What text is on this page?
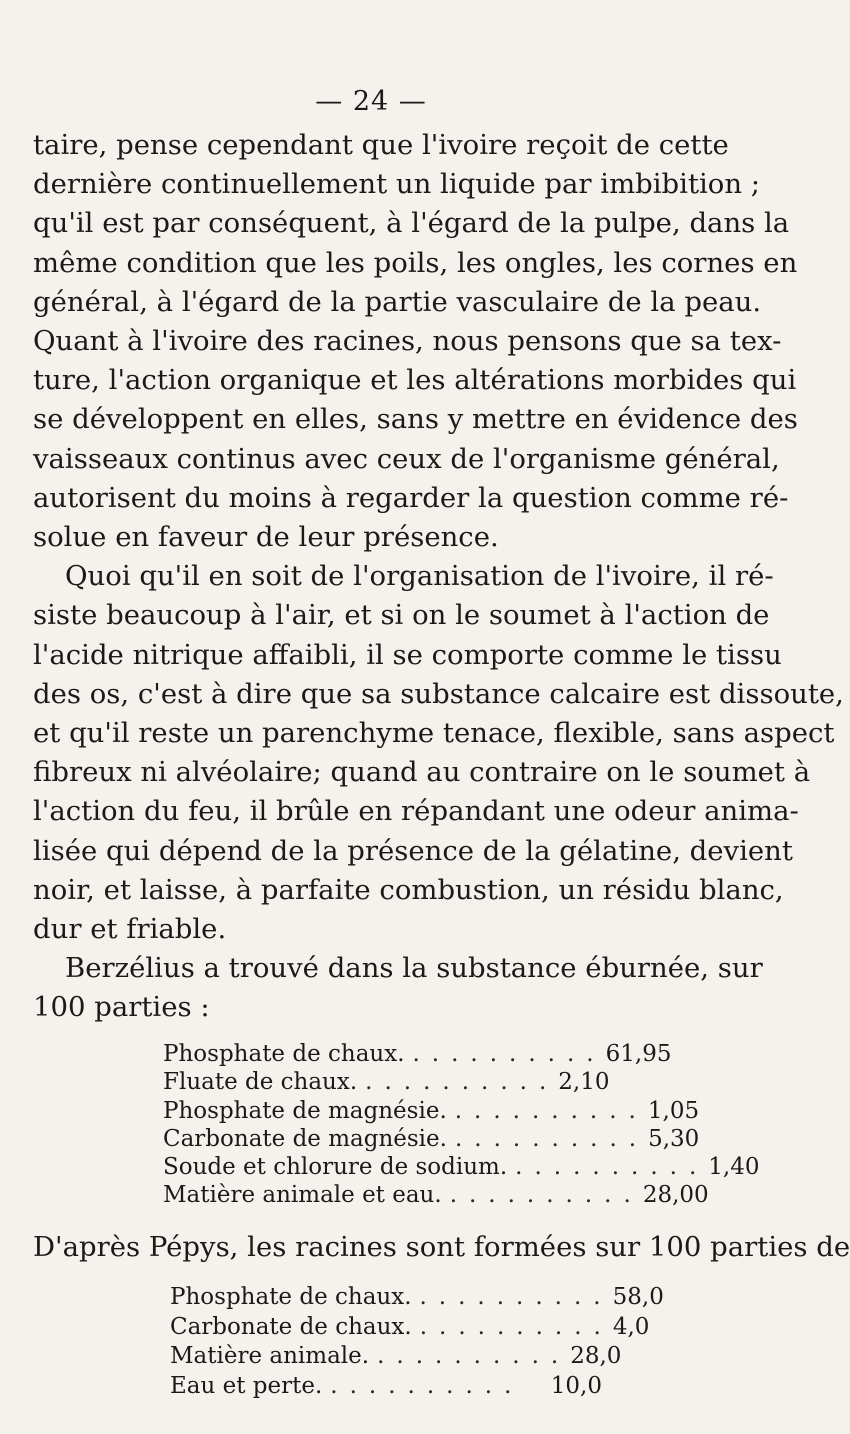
— 24 —
taire, pense cependant que l'ivoire reçoit de cette
dernière continuellement un liquide par imbibition ;
qu'il est par conséquent, à l'égard de la pulpe, dans la
même condition que les poils, les ongles, les cornes en
général, à l'égard de la partie vasculaire de la peau.
Quant à l'ivoire des racines, nous pensons que sa tex-
ture, l'action organique et les altérations morbides qui
se développent en elles, sans y mettre en évidence des
vaisseaux continus avec ceux de l'organisme général,
autorisent du moins à regarder la question comme ré-
solue en faveur de leur présence.
Quoi qu'il en soit de l'organisation de l'ivoire, il ré-
siste beaucoup à l'air, et si on le soumet à l'action de
l'acide nitrique affaibli, il se comporte comme le tissu
des os, c'est à dire que sa substance calcaire est dissoute,
et qu'il reste un parenchyme tenace, flexible, sans aspect
fibreux ni alvéolaire; quand au contraire on le soumet à
l'action du feu, il brûle en répandant une odeur anima-
lisée qui dépend de la présence de la gélatine, devient
noir, et laisse, à parfaite combustion, un résidu blanc,
dur et friable.
Berzélius a trouvé dans la substance éburnée, sur
100 parties :
Phosphate de chaux. .......... 61,95
Fluate de chaux. .......... 2,10
Phosphate de magnésie. .......... 1,05
Carbonate de magnésie. .......... 5,30
Soude et chlorure de sodium. .......... 1,40
Matière animale et eau. .......... 28,00
D'après Pépys, les racines sont formées sur 100 parties de
Phosphate de chaux. .......... 58,0
Carbonate de chaux. .......... 4,0
Matière animale. .......... 28,0
Eau et perte. ..........	10,0
